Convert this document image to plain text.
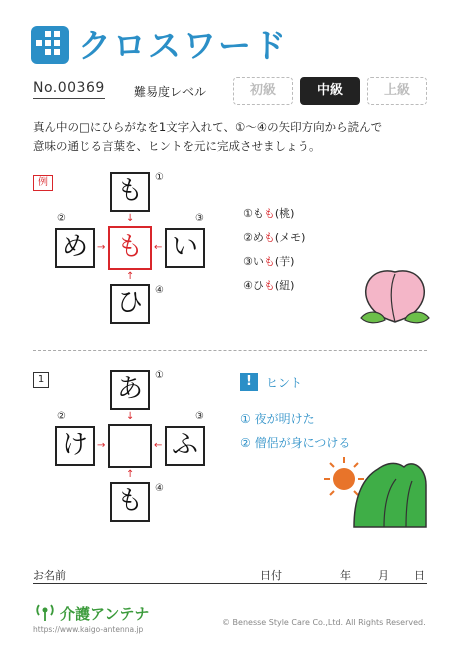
クロスワード
No.00369 難易度レベル	初級	中級	上級
真ん中の□にひらがなを1文字入れて、①～④の矢印方向から読んで
意味の通じる言葉を、ヒントを元に完成させましょう。
例	も
め	も	い
ひ
↓
→	←
↑
①
②	③
④
①もも(桃)
②めも(メモ)
③いも(芋)
④ひも(紐)
1	あ
け	ふ
も
↓
→	←
↑
①
②	③
④
!	ヒント
① 夜が明けた
② 僧侶が身につける
お名前	日付	年 月 日
介護アンテナ
https://www.kaigo-antenna.jp
© Benesse Style Care Co.,Ltd. All Rights Reserved.
